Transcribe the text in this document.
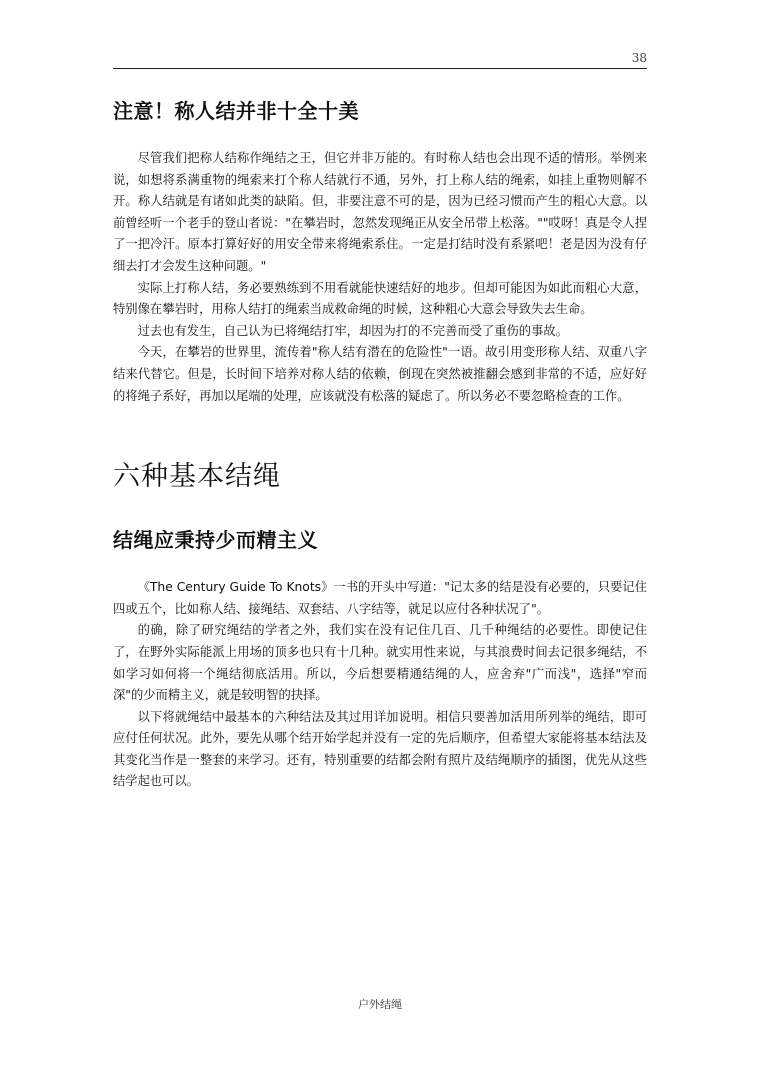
38
注意！称人结并非十全十美

尽管我们把称人结称作绳结之王，但它并非万能的。有时称人结也会出现不适的情形。举例来说，如想将系满重物的绳索来打个称人结就行不通，另外，打上称人结的绳索，如挂上重物则解不开。称人结就是有诸如此类的缺陷。但，非要注意不可的是，因为已经习惯而产生的粗心大意。以前曾经听一个老手的登山者说："在攀岩时，忽然发现绳正从安全吊带上松落。""哎呀！真是令人捏了一把冷汗。原本打算好好的用安全带来将绳索系住。一定是打结时没有系紧吧！老是因为没有仔细去打才会发生这种问题。"

实际上打称人结，务必要熟练到不用看就能快速结好的地步。但却可能因为如此而粗心大意，特别像在攀岩时，用称人结打的绳索当成救命绳的时候，这种粗心大意会导致失去生命。

过去也有发生，自己认为已将绳结打牢，却因为打的不完善而受了重伤的事故。

今天，在攀岩的世界里，流传着"称人结有潜在的危险性"一语。故引用变形称人结、双重八字结来代替它。但是，长时间下培养对称人结的依赖，倒现在突然被推翻会感到非常的不适，应好好的将绳子系好，再加以尾端的处理，应该就没有松落的疑虑了。所以务必不要忽略检查的工作。

六种基本结绳
结绳应秉持少而精主义

《The Century Guide To Knots》一书的开头中写道："记太多的结是没有必要的，只要记住四或五个，比如称人结、接绳结、双套结、八字结等，就足以应付各种状况了"。

的确，除了研究绳结的学者之外，我们实在没有记住几百、几千种绳结的必要性。即使记住了，在野外实际能派上用场的顶多也只有十几种。就实用性来说，与其浪费时间去记很多绳结，不如学习如何将一个绳结彻底活用。所以，今后想要精通结绳的人，应舍弃"广而浅"，选择"窄而深"的少而精主义，就是较明智的抉择。

以下将就绳结中最基本的六种结法及其过用详加说明。相信只要善加活用所列举的绳结，即可应付任何状况。此外，要先从哪个结开始学起并没有一定的先后顺序，但希望大家能将基本结法及其变化当作是一整套的来学习。还有，特别重要的结都会附有照片及结绳顺序的插图，优先从这些结学起也可以。

户外结绳
